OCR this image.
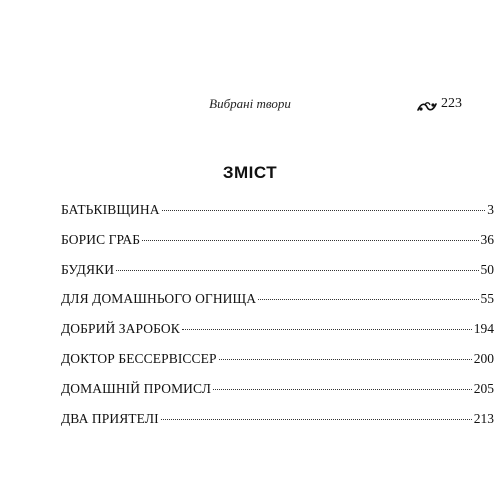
Вибрані твори	223
ЗМІСТ
БАТЬКІВЩИНА	3
БОРИС ГРАБ	36
БУДЯКИ	50
ДЛЯ ДОМАШНЬОГО ОГНИЩА	55
ДОБРИЙ ЗАРОБОК	194
ДОКТОР БЕССЕРВІССЕР	200
ДОМАШНІЙ ПРОМИСЛ	205
ДВА ПРИЯТЕЛІ	213
